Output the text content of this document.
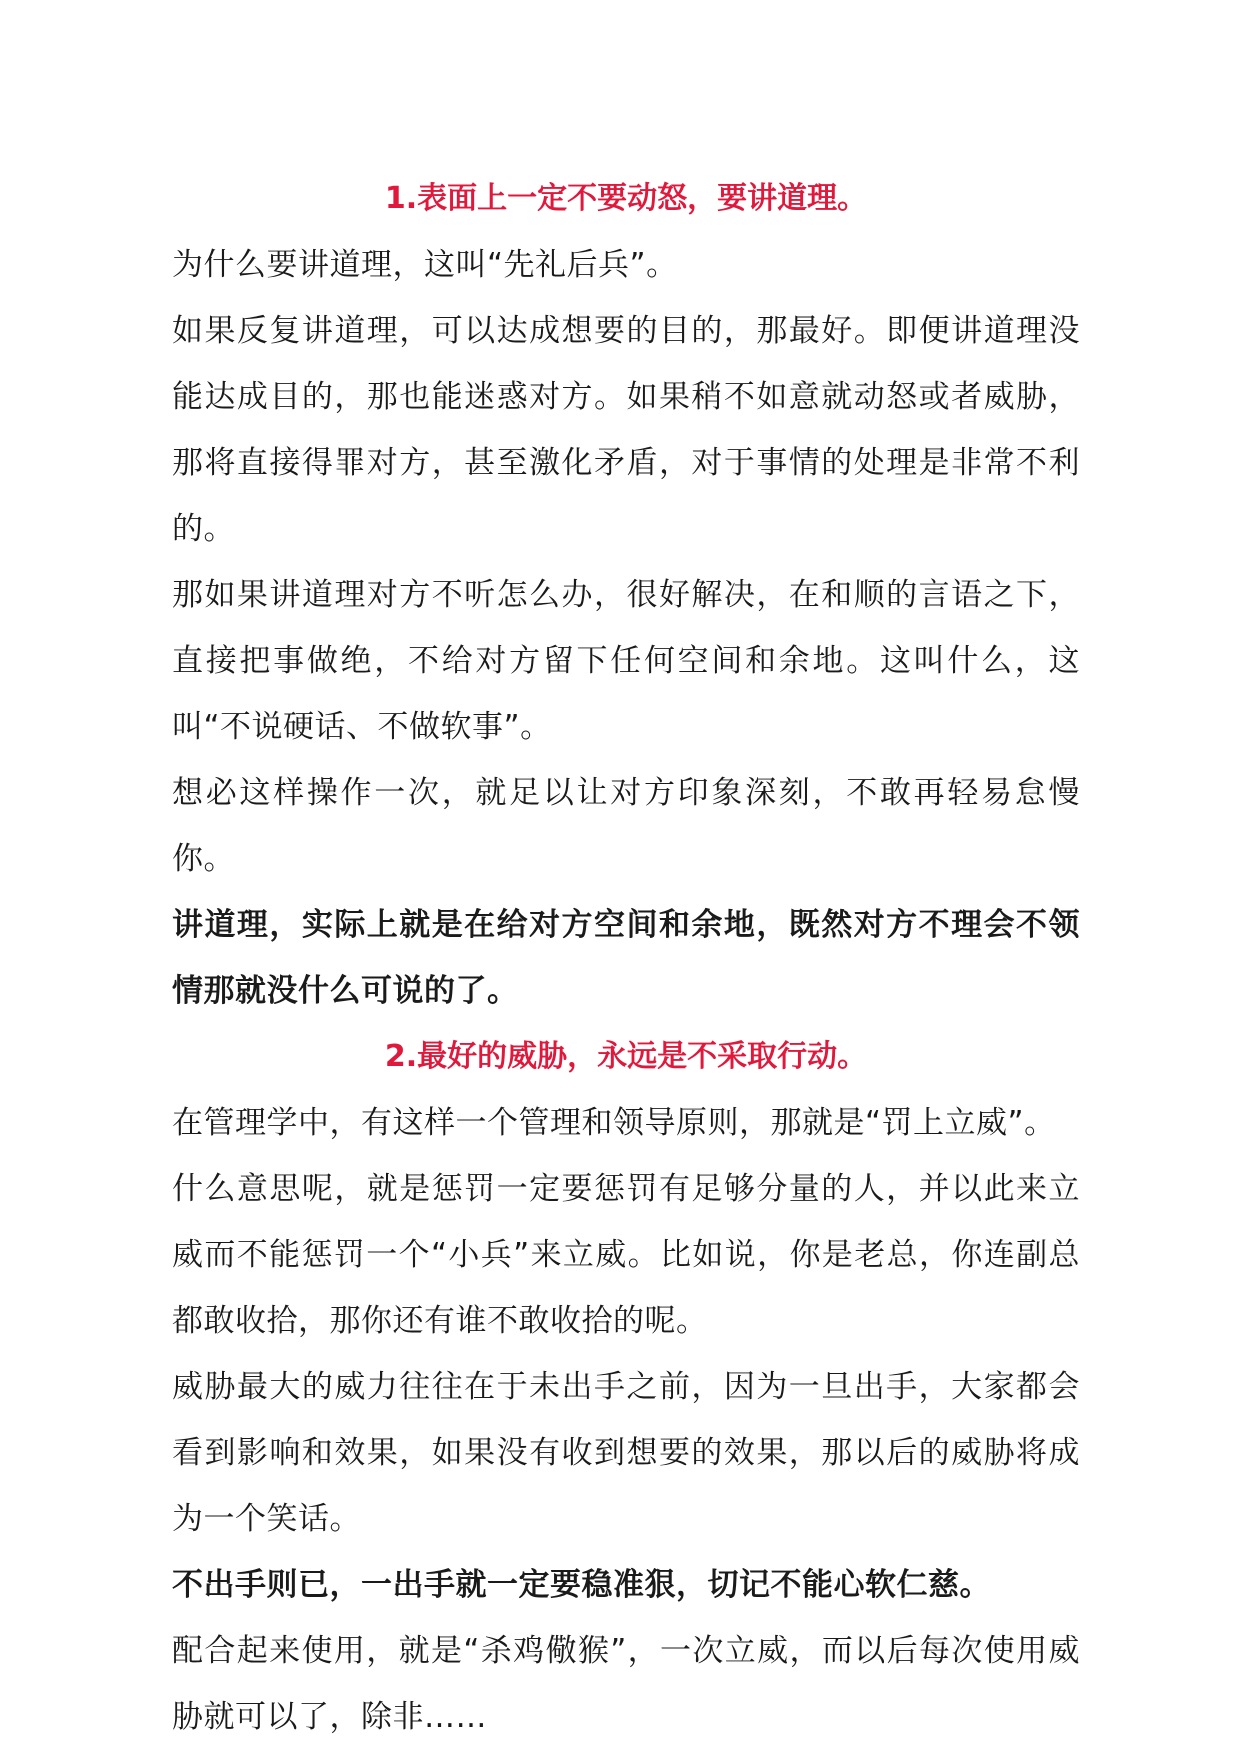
1.表面上一定不要动怒，要讲道理。

为什么要讲道理，这叫“先礼后兵”。

如果反复讲道理，可以达成想要的目的，那最好。即便讲道理没能达成目的，那也能迷惑对方。如果稍不如意就动怒或者威胁，那将直接得罪对方，甚至激化矛盾，对于事情的处理是非常不利的。

那如果讲道理对方不听怎么办，很好解决，在和顺的言语之下，直接把事做绝，不给对方留下任何空间和余地。这叫什么，这叫“不说硬话、不做软事”。

想必这样操作一次，就足以让对方印象深刻，不敢再轻易怠慢你。

讲道理，实际上就是在给对方空间和余地，既然对方不理会不领情那就没什么可说的了。

2.最好的威胁，永远是不采取行动。

在管理学中，有这样一个管理和领导原则，那就是“罚上立威”。

什么意思呢，就是惩罚一定要惩罚有足够分量的人，并以此来立威而不能惩罚一个“小兵”来立威。比如说，你是老总，你连副总都敢收拾，那你还有谁不敢收拾的呢。

威胁最大的威力往往在于未出手之前，因为一旦出手，大家都会看到影响和效果，如果没有收到想要的效果，那以后的威胁将成为一个笑话。

不出手则已，一出手就一定要稳准狠，切记不能心软仁慈。

配合起来使用，就是“杀鸡儆猴”，一次立威，而以后每次使用威胁就可以了，除非……
